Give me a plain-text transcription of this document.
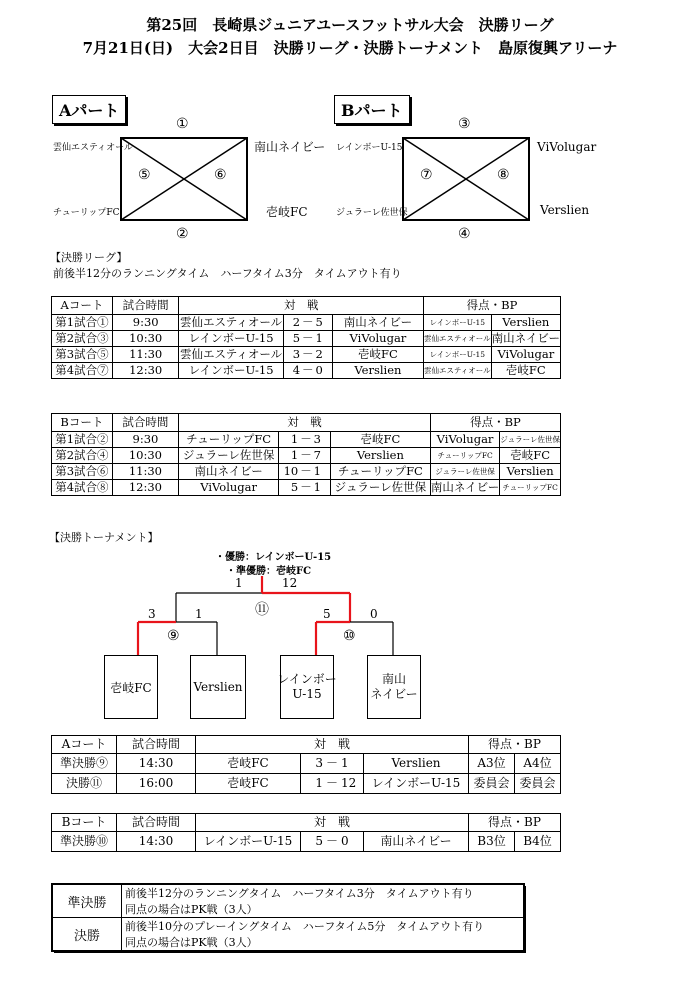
第25回　長崎県ジュニアユースフットサル大会　決勝リーグ
7月21日(日)　大会2日目　決勝リーグ・決勝トーナメント　島原復興アリーナ
Aパート
①
②
⑤	⑥
雲仙エスティオール	南山ネイビー
チューリップFC	壱岐FC
Bパート
③
④
⑦	⑧
レインボーU-15	ViVolugar
ジュラーレ佐世保	Verslien
【決勝リーグ】
前後半12分のランニングタイム　ハーフタイム3分　タイムアウト有り
Aコート	試合時間	対　戦					得点・BP	
第1試合①	9:30	雲仙エスティオール	2	－	5	南山ネイビー	レインボーU-15	Verslien
第2試合③	10:30	レインボーU-15	5	－	1	ViVolugar	雲仙エスティオール	南山ネイビー
第3試合⑤	11:30	雲仙エスティオール	3	－	2	壱岐FC	レインボーU-15	ViVolugar
第4試合⑦	12:30	レインボーU-15	4	－	0	Verslien	雲仙エスティオール	壱岐FC
Bコート	試合時間	対　戦					得点・BP	
第1試合②	9:30	チューリップFC	1	－	3	壱岐FC	ViVolugar	ジュラーレ佐世保
第2試合④	10:30	ジュラーレ佐世保	1	－	7	Verslien	チューリップFC	壱岐FC
第3試合⑥	11:30	南山ネイビー	10	－	1	チューリップFC	ジュラーレ佐世保	Verslien
第4試合⑧	12:30	ViVolugar	5	－	1	ジュラーレ佐世保	南山ネイビー	チューリップFC
【決勝トーナメント】
・優勝：レインボーU-15
・準優勝：壱岐FC
1	12
⑪
3	1
⑨
5	0
⑩
壱岐FC	Verslien
レインボー
U-15
南山
ネイビー
Aコート	試合時間	対　戦					得点・BP	
準決勝⑨	14:30	壱岐FC	3	－	1	Verslien	A3位	A4位
決勝⑪	16:00	壱岐FC	1	－	12	レインボーU-15	委員会	委員会
Bコート	試合時間	対　戦					得点・BP	
準決勝⑩	14:30	レインボーU-15	5	－	0	南山ネイビー	B3位	B4位
準決勝	前後半12分のランニングタイム　ハーフタイム3分　タイムアウト有り
同点の場合はPK戦（3人）

決勝	前後半10分のプレーイングタイム　ハーフタイム5分　タイムアウト有り
同点の場合はPK戦（3人）
